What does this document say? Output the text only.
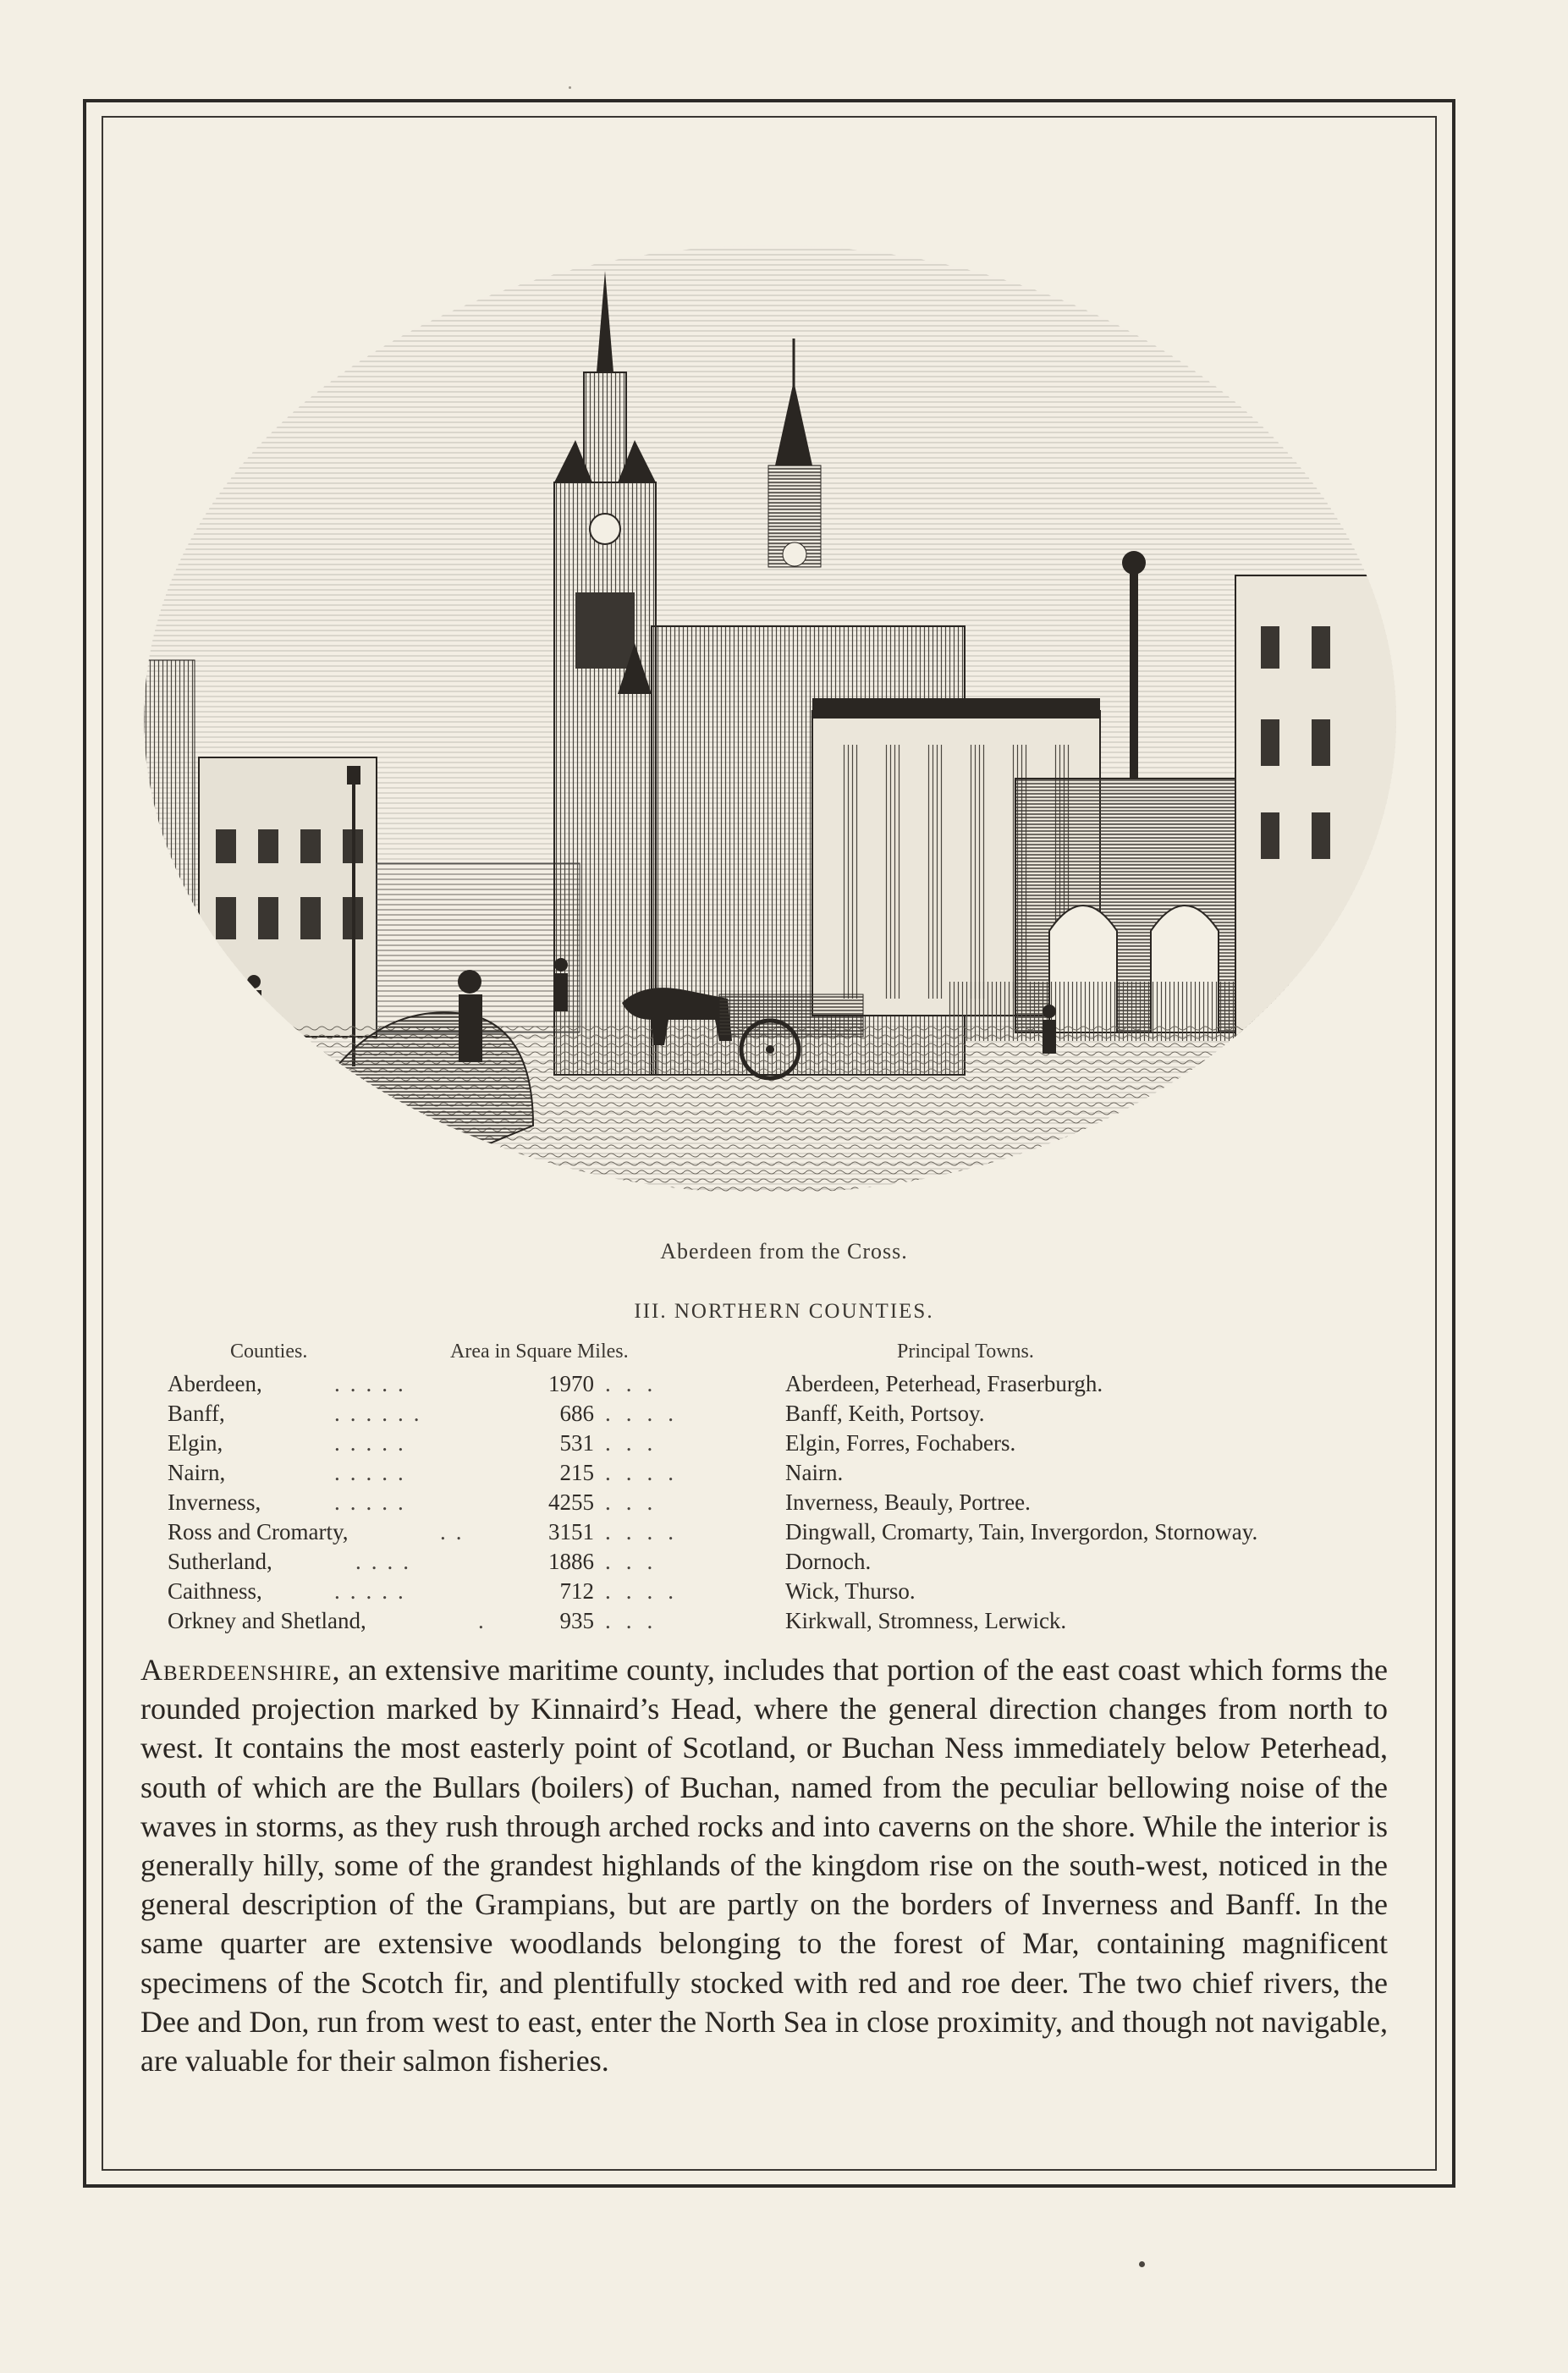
Aberdeen from the Cross.
III. NORTHERN COUNTIES.
Counties.	Area in Square Miles.	Principal Towns.
Aberdeen,	.....	1970 ...	Aberdeen, Peterhead, Fraserburgh.
Banff,	......	686 ....	Banff, Keith, Portsoy.
Elgin,	.....	531 ...	Elgin, Forres, Fochabers.
Nairn,	.....	215 ....	Nairn.
Inverness,	.....	4255 ...	Inverness, Beauly, Portree.
Ross and Cromarty,	..	3151 ....	Dingwall, Cromarty, Tain, Invergordon, Stornoway.
Sutherland,	....	1886 ...	Dornoch.
Caithness,	.....	712 ....	Wick, Thurso.
Orkney and Shetland,	.	935 ...	Kirkwall, Stromness, Lerwick.
Aberdeenshire, an extensive maritime county, includes that portion of the east coast which forms the rounded projection marked by Kinnaird’s Head, where the general direction changes from north to west. It contains the most easterly point of Scotland, or Buchan Ness immediately below Peterhead, south of which are the Bullars (boilers) of Buchan, named from the peculiar bellowing noise of the waves in storms, as they rush through arched rocks and into caverns on the shore. While the interior is generally hilly, some of the grandest highlands of the kingdom rise on the south-west, noticed in the general description of the Grampians, but are partly on the borders of Inverness and Banff. In the same quarter are extensive woodlands belonging to the forest of Mar, containing magnificent specimens of the Scotch fir, and plentifully stocked with red and roe deer. The two chief rivers, the Dee and Don, run from west to east, enter the North Sea in close proximity, and though not navigable, are valuable for their salmon fisheries.
